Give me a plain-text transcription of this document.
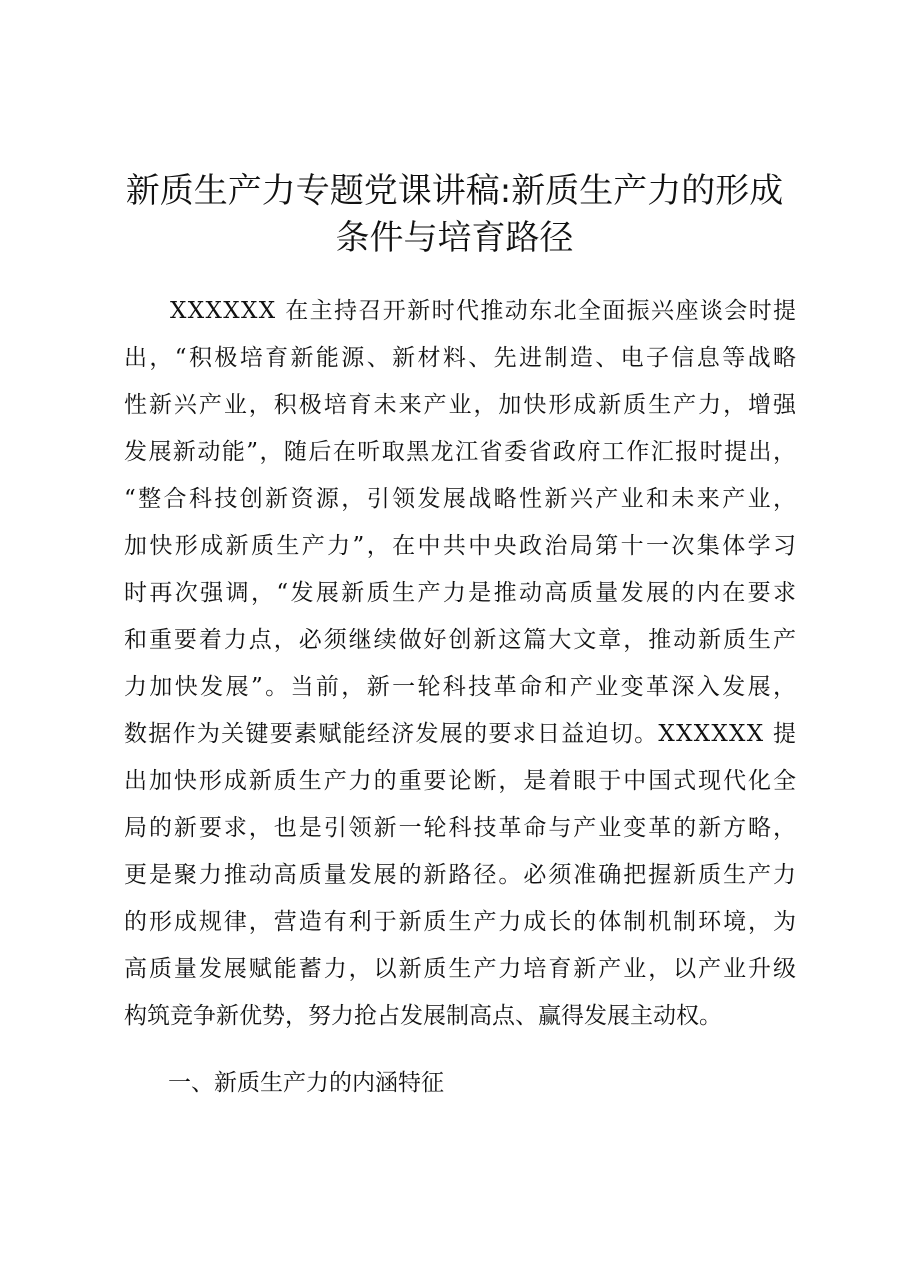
新质生产力专题党课讲稿:新质生产力的形成
条件与培育路径
XXXXXX 在主持召开新时代推动东北全面振兴座谈会时提
出，“积极培育新能源、新材料、先进制造、电子信息等战略
性新兴产业，积极培育未来产业，加快形成新质生产力，增强
发展新动能”，随后在听取黑龙江省委省政府工作汇报时提出，
“整合科技创新资源，引领发展战略性新兴产业和未来产业，
加快形成新质生产力”，在中共中央政治局第十一次集体学习
时再次强调，“发展新质生产力是推动高质量发展的内在要求
和重要着力点，必须继续做好创新这篇大文章，推动新质生产
力加快发展”。当前，新一轮科技革命和产业变革深入发展，
数据作为关键要素赋能经济发展的要求日益迫切。XXXXXX 提
出加快形成新质生产力的重要论断，是着眼于中国式现代化全
局的新要求，也是引领新一轮科技革命与产业变革的新方略，
更是聚力推动高质量发展的新路径。必须准确把握新质生产力
的形成规律，营造有利于新质生产力成长的体制机制环境，为
高质量发展赋能蓄力，以新质生产力培育新产业，以产业升级
构筑竞争新优势，努力抢占发展制高点、赢得发展主动权。
一、新质生产力的内涵特征
